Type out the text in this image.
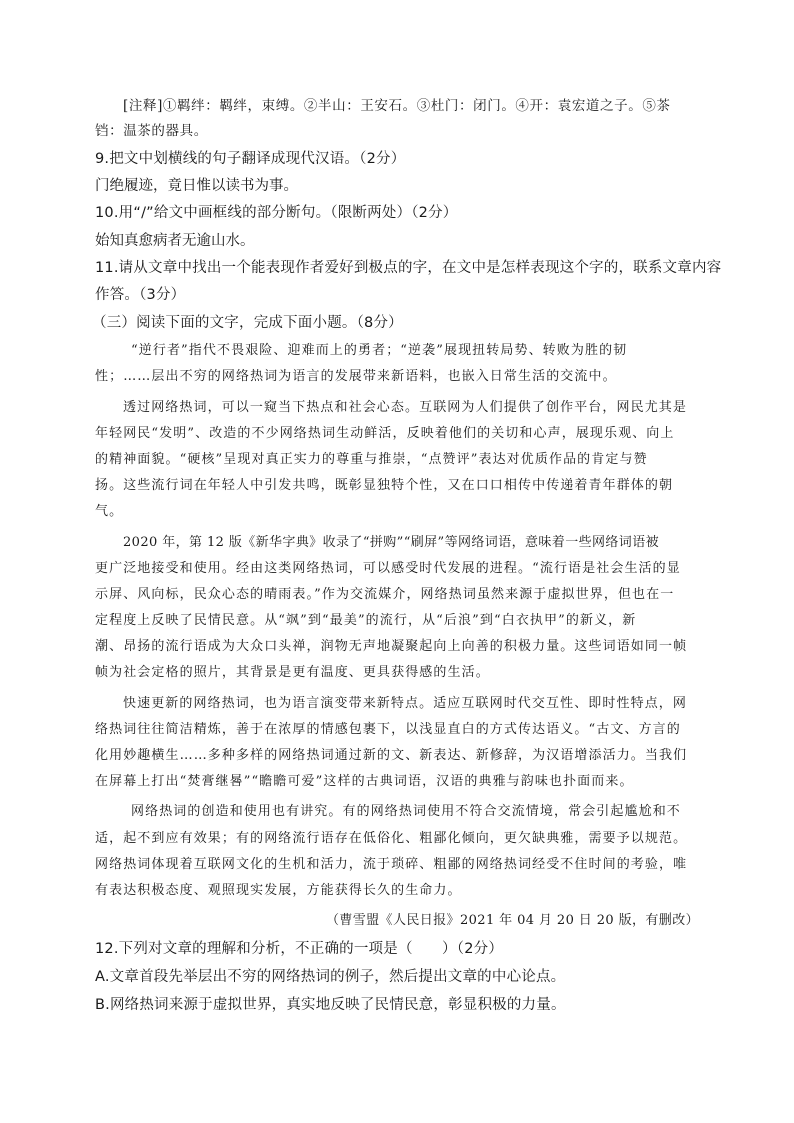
[注释]①羁绊：羁绊，束缚。②半山：王安石。③杜门：闭门。④开：袁宏道之子。⑤茶
铛：温茶的器具。
9.把文中划横线的句子翻译成现代汉语。（2分）
门绝履迹，竟日惟以读书为事。
10.用“/”给文中画框线的部分断句。（限断两处）（2分）
始知真愈病者无逾山水。
11.请从文章中找出一个能表现作者爱好到极点的字，在文中是怎样表现这个字的，联系文章内容
作答。（3分）
（三）阅读下面的文字，完成下面小题。（8分）
“逆行者”指代不畏艰险、迎难而上的勇者；“逆袭”展现扭转局势、转败为胜的韧
性；……层出不穷的网络热词为语言的发展带来新语料，也嵌入日常生活的交流中。
透过网络热词，可以一窥当下热点和社会心态。互联网为人们提供了创作平台，网民尤其是
年轻网民“发明”、改造的不少网络热词生动鲜活，反映着他们的关切和心声，展现乐观、向上
的精神面貌。“硬核”呈现对真正实力的尊重与推崇，“点赞评”表达对优质作品的肯定与赞
扬。这些流行词在年轻人中引发共鸣，既彰显独特个性，又在口口相传中传递着青年群体的朝
气。
2020 年，第 12 版《新华字典》收录了“拼购”“刷屏”等网络词语，意味着一些网络词语被
更广泛地接受和使用。经由这类网络热词，可以感受时代发展的进程。“流行语是社会生活的显
示屏、风向标，民众心态的晴雨表。”作为交流媒介，网络热词虽然来源于虚拟世界，但也在一
定程度上反映了民情民意。从“飒”到“最美”的流行，从“后浪”到“白衣执甲”的新义，新
潮、昂扬的流行语成为大众口头禅，润物无声地凝聚起向上向善的积极力量。这些词语如同一帧
帧为社会定格的照片，其背景是更有温度、更具获得感的生活。
快速更新的网络热词，也为语言演变带来新特点。适应互联网时代交互性、即时性特点，网
络热词往往简洁精炼，善于在浓厚的情感包裹下，以浅显直白的方式传达语义。“古文、方言的
化用妙趣横生……多种多样的网络热词通过新的文、新表达、新修辞，为汉语增添活力。当我们
在屏幕上打出“焚膏继晷”“瞻瞻可爱”这样的古典词语，汉语的典雅与韵味也扑面而来。
网络热词的创造和使用也有讲究。有的网络热词使用不符合交流情境，常会引起尴尬和不
适，起不到应有效果；有的网络流行语存在低俗化、粗鄙化倾向，更欠缺典雅，需要予以规范。
网络热词体现着互联网文化的生机和活力，流于琐碎、粗鄙的网络热词经受不住时间的考验，唯
有表达积极态度、观照现实发展，方能获得长久的生命力。
（曹雪盟《人民日报》2021 年 04 月 20 日 20 版，有删改）
12.下列对文章的理解和分析，不正确的一项是（　　）（2分）
A.文章首段先举层出不穷的网络热词的例子，然后提出文章的中心论点。
B.网络热词来源于虚拟世界，真实地反映了民情民意，彰显积极的力量。
